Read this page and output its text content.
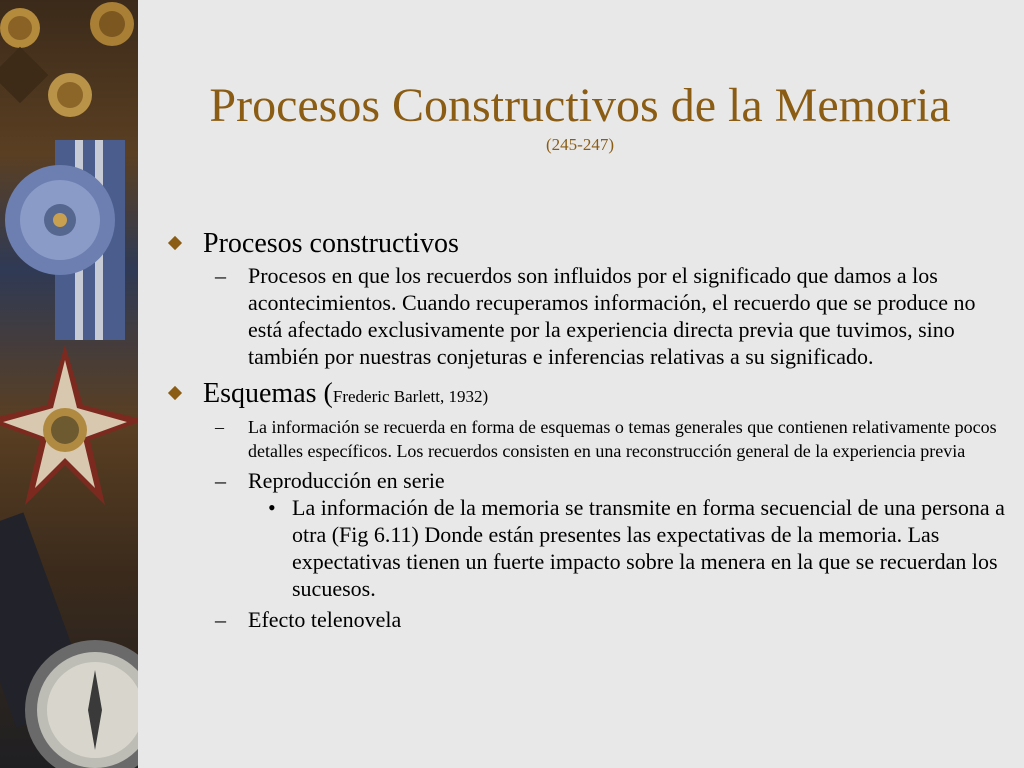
Procesos Constructivos de la Memoria
(245-247)
Procesos constructivos
– Procesos en que los recuerdos son influidos por el significado que damos a los acontecimientos. Cuando recuperamos información, el recuerdo que se produce no está afectado exclusivamente por la experiencia directa previa que tuvimos, sino también por nuestras conjeturas e inferencias relativas a su significado.
Esquemas (Frederic Barlett, 1932)
– La información se recuerda en forma de esquemas o temas generales que contienen relativamente pocos detalles específicos. Los recuerdos consisten en una reconstrucción general de la experiencia previa
– Reproducción en serie
• La información de la memoria se transmite en forma secuencial de una persona a otra (Fig 6.11) Donde están presentes las expectativas de la memoria. Las expectativas tienen un fuerte impacto sobre la menera en la que se recuerdan los sucuesos.
– Efecto telenovela
